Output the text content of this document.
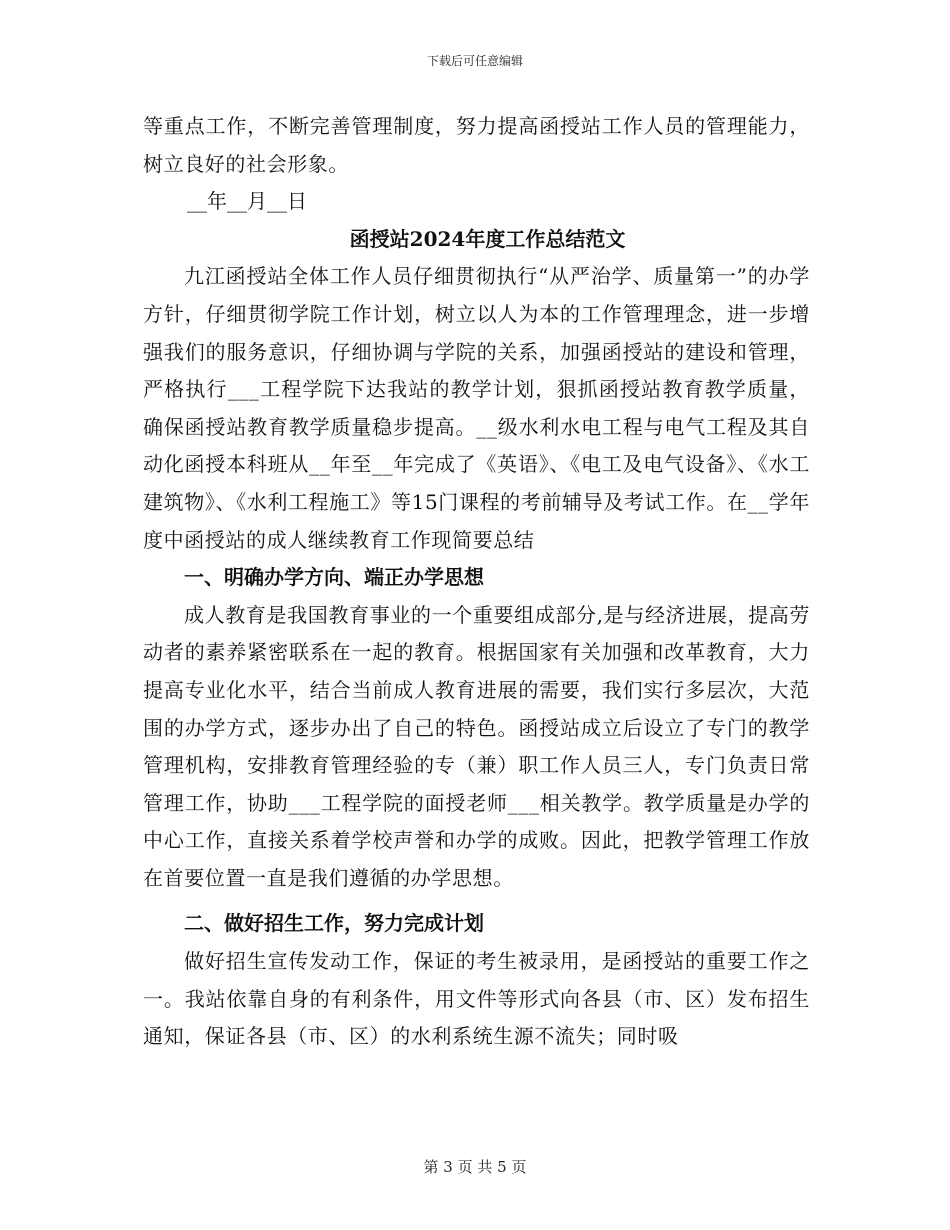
下载后可任意编辑

等重点工作，不断完善管理制度，努力提高函授站工作人员的管理能力，树立良好的社会形象。

__年__月__日

函授站2024年度工作总结范文

九江函授站全体工作人员仔细贯彻执行“从严治学、质量第一”的办学方针，仔细贯彻学院工作计划，树立以人为本的工作管理理念，进一步增强我们的服务意识，仔细协调与学院的关系，加强函授站的建设和管理，严格执行___工程学院下达我站的教学计划，狠抓函授站教育教学质量，确保函授站教育教学质量稳步提高。__级水利水电工程与电气工程及其自动化函授本科班从__年至__年完成了《英语》、《电工及电气设备》、《水工建筑物》、《水利工程施工》等15门课程的考前辅导及考试工作。在__学年度中函授站的成人继续教育工作现简要总结

一、明确办学方向、端正办学思想

成人教育是我国教育事业的一个重要组成部分,是与经济进展，提高劳动者的素养紧密联系在一起的教育。根据国家有关加强和改革教育，大力提高专业化水平，结合当前成人教育进展的需要，我们实行多层次，大范围的办学方式，逐步办出了自己的特色。函授站成立后设立了专门的教学管理机构，安排教育管理经验的专（兼）职工作人员三人，专门负责日常管理工作，协助___工程学院的面授老师___相关教学。教学质量是办学的中心工作，直接关系着学校声誉和办学的成败。因此，把教学管理工作放在首要位置一直是我们遵循的办学思想。

二、做好招生工作，努力完成计划

做好招生宣传发动工作，保证的考生被录用，是函授站的重要工作之一。我站依靠自身的有利条件，用文件等形式向各县（市、区）发布招生通知，保证各县（市、区）的水利系统生源不流失；同时吸

第 3 页 共 5 页
